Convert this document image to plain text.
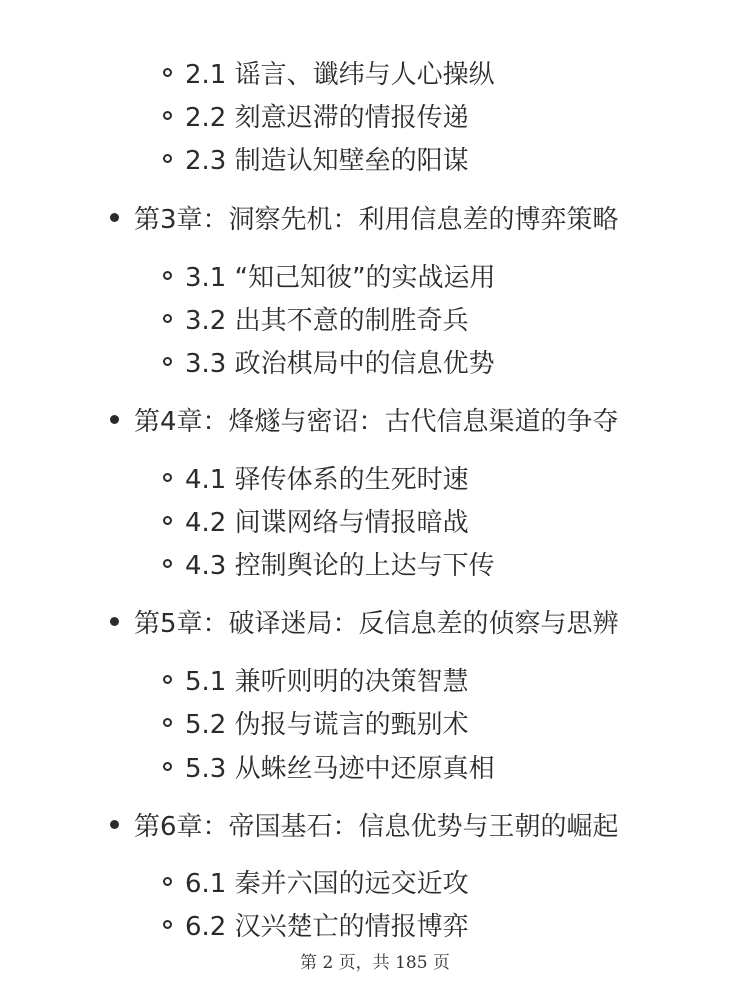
2.1 谣言、谶纬与人心操纵
2.2 刻意迟滞的情报传递
2.3 制造认知壁垒的阳谋
第3章：洞察先机：利用信息差的博弈策略
3.1 “知己知彼”的实战运用
3.2 出其不意的制胜奇兵
3.3 政治棋局中的信息优势
第4章：烽燧与密诏：古代信息渠道的争夺
4.1 驿传体系的生死时速
4.2 间谍网络与情报暗战
4.3 控制舆论的上达与下传
第5章：破译迷局：反信息差的侦察与思辨
5.1 兼听则明的决策智慧
5.2 伪报与谎言的甄别术
5.3 从蛛丝马迹中还原真相
第6章：帝国基石：信息优势与王朝的崛起
6.1 秦并六国的远交近攻
6.2 汉兴楚亡的情报博弈
第 2 页，共 185 页
